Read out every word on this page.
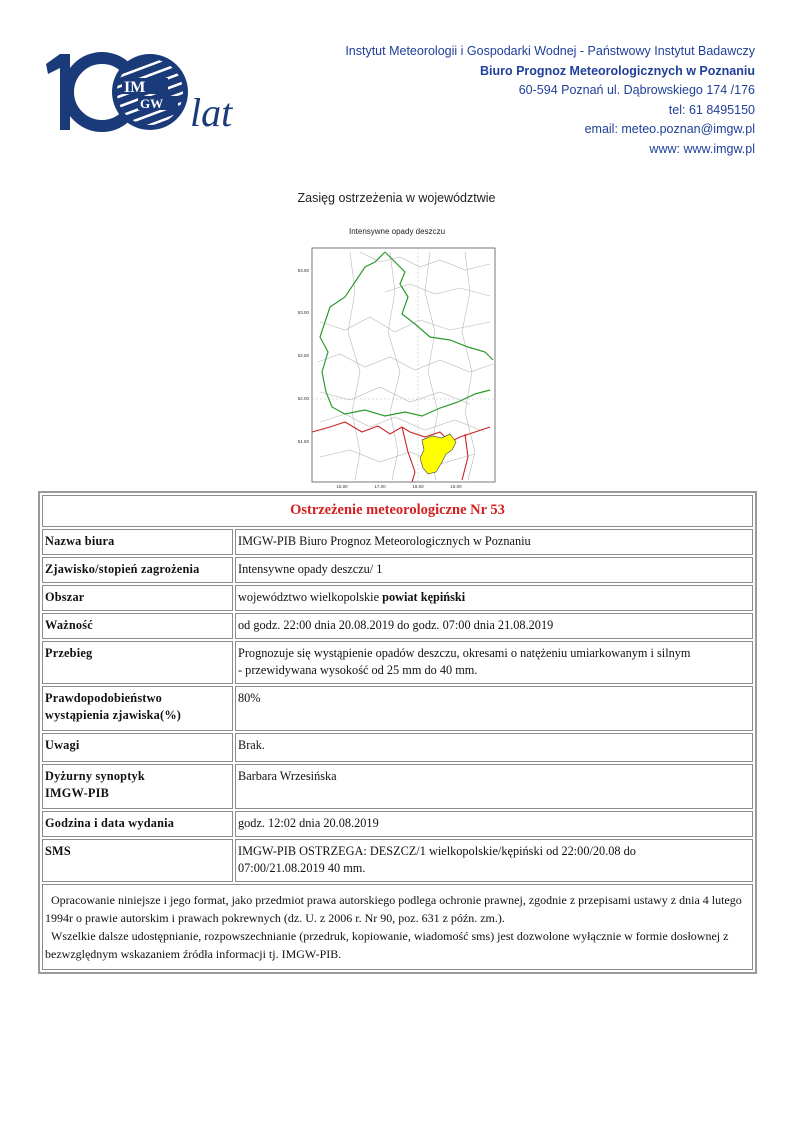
IM
GW lat
Instytut Meteorologii i Gospodarki Wodnej - Państwowy Instytut Badawczy
Biuro Prognoz Meteorologicznych w Poznaniu
60-594 Poznań ul. Dąbrowskiego 174 /176
tel: 61 8495150
email: meteo.poznan@imgw.pl
www: www.imgw.pl
Zasięg ostrzeżenia w województwie
Intensywne opady deszczu
53.50
53.00
52.50
52.00
51.50
16.00	17.00	18.00	19.00
Ostrzeżenie meteorologiczne Nr 53	
Nazwa biura	IMGW-PIB Biuro Prognoz Meteorologicznych w Poznaniu
Zjawisko/stopień zagrożenia	Intensywne opady deszczu/ 1
Obszar	województwo wielkopolskie powiat kępiński
Ważność	od godz. 22:00 dnia 20.08.2019 do godz. 07:00 dnia 21.08.2019
Przebieg	Prognozuje się wystąpienie opadów deszczu, okresami o natężeniu umiarkowanym i silnym
- przewidywana wysokość od 25 mm do 40 mm.

Prawdopodobieństwo
wystąpienia zjawiska(%)	80%
Uwagi	Brak.

Dyżurny synoptyk
IMGW-PIB	Barbara Wrzesińska
Godzina i data wydania	godz. 12:02 dnia 20.08.2019
SMS	IMGW-PIB OSTRZEGA: DESZCZ/1 wielkopolskie/kępiński od 22:00/20.08 do
07:00/21.08.2019 40 mm.

Opracowanie niniejsze i jego format, jako przedmiot prawa autorskiego podlega ochronie prawnej, zgodnie z przepisami ustawy z dnia 4 lutego 1994r o prawie autorskim i prawach pokrewnych (dz. U. z 2006 r. Nr 90, poz. 631 z późn. zm.).
Wszelkie dalsze udostępnianie, rozpowszechnianie (przedruk, kopiowanie, wiadomość sms) jest dozwolone wyłącznie w formie dosłownej z bezwzględnym wskazaniem źródła informacji tj. IMGW-PIB.	
